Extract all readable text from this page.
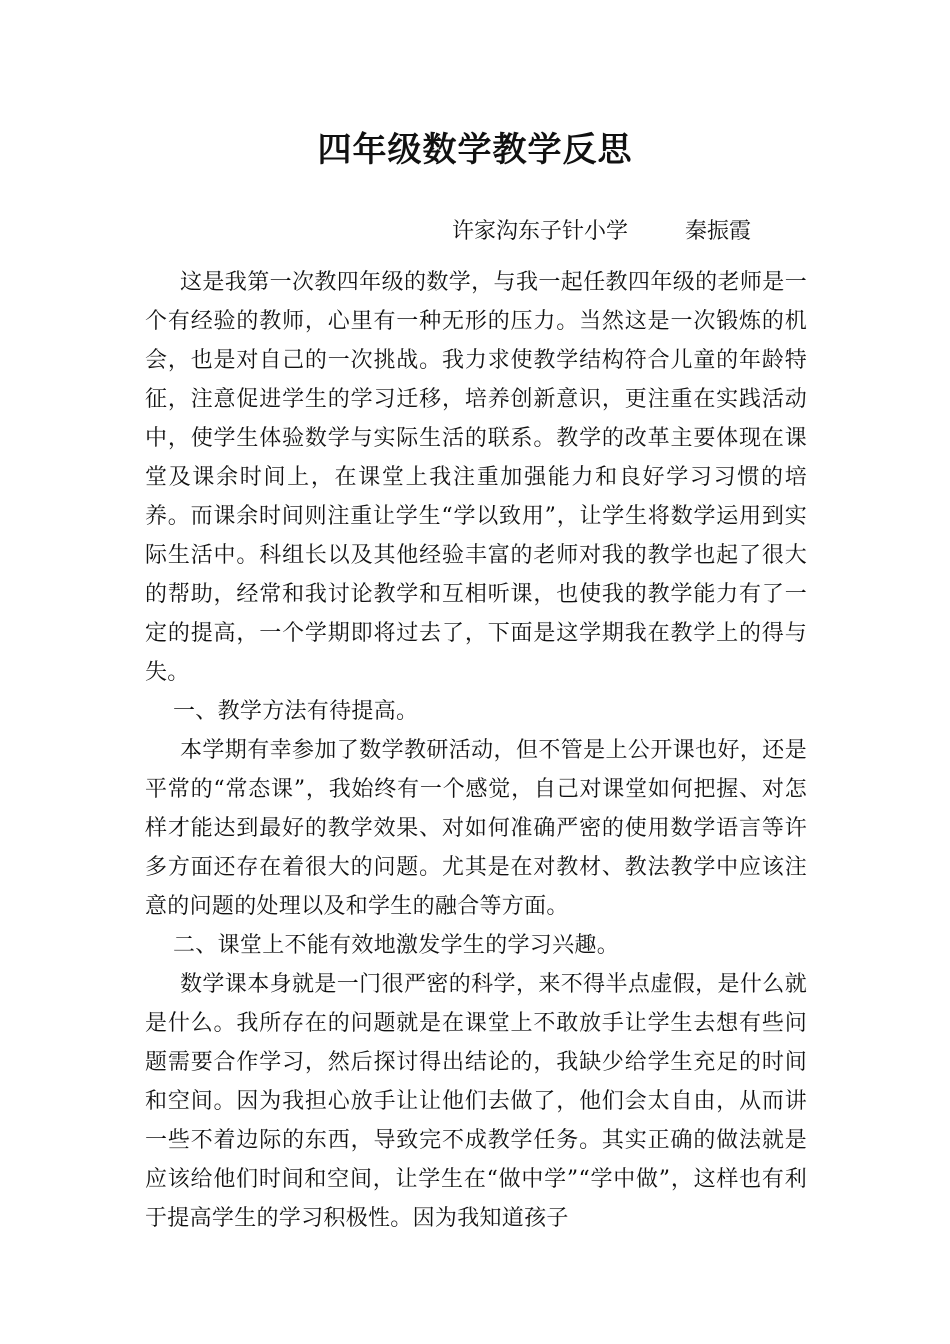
四年级数学教学反思
许家沟东子针小学	秦振霞

这是我第一次教四年级的数学，与我一起任教四年级的老师是一个有经验的教师，心里有一种无形的压力。当然这是一次锻炼的机会，也是对自己的一次挑战。我力求使教学结构符合儿童的年龄特征，注意促进学生的学习迁移，培养创新意识，更注重在实践活动中，使学生体验数学与实际生活的联系。教学的改革主要体现在课堂及课余时间上，在课堂上我注重加强能力和良好学习习惯的培养。而课余时间则注重让学生“学以致用”，让学生将数学运用到实际生活中。科组长以及其他经验丰富的老师对我的教学也起了很大的帮助，经常和我讨论教学和互相听课，也使我的教学能力有了一定的提高，一个学期即将过去了，下面是这学期我在教学上的得与失。

一、教学方法有待提高。

本学期有幸参加了数学教研活动，但不管是上公开课也好，还是平常的“常态课”，我始终有一个感觉，自己对课堂如何把握、对怎样才能达到最好的教学效果、对如何准确严密的使用数学语言等许多方面还存在着很大的问题。尤其是在对教材、教法教学中应该注意的问题的处理以及和学生的融合等方面。

二、课堂上不能有效地激发学生的学习兴趣。

数学课本身就是一门很严密的科学，来不得半点虚假，是什么就是什么。我所存在的问题就是在课堂上不敢放手让学生去想有些问题需要合作学习，然后探讨得出结论的，我缺少给学生充足的时间和空间。因为我担心放手让让他们去做了，他们会太自由，从而讲一些不着边际的东西，导致完不成教学任务。其实正确的做法就是应该给他们时间和空间，让学生在“做中学”“学中做”，这样也有利于提高学生的学习积极性。因为我知道孩子
